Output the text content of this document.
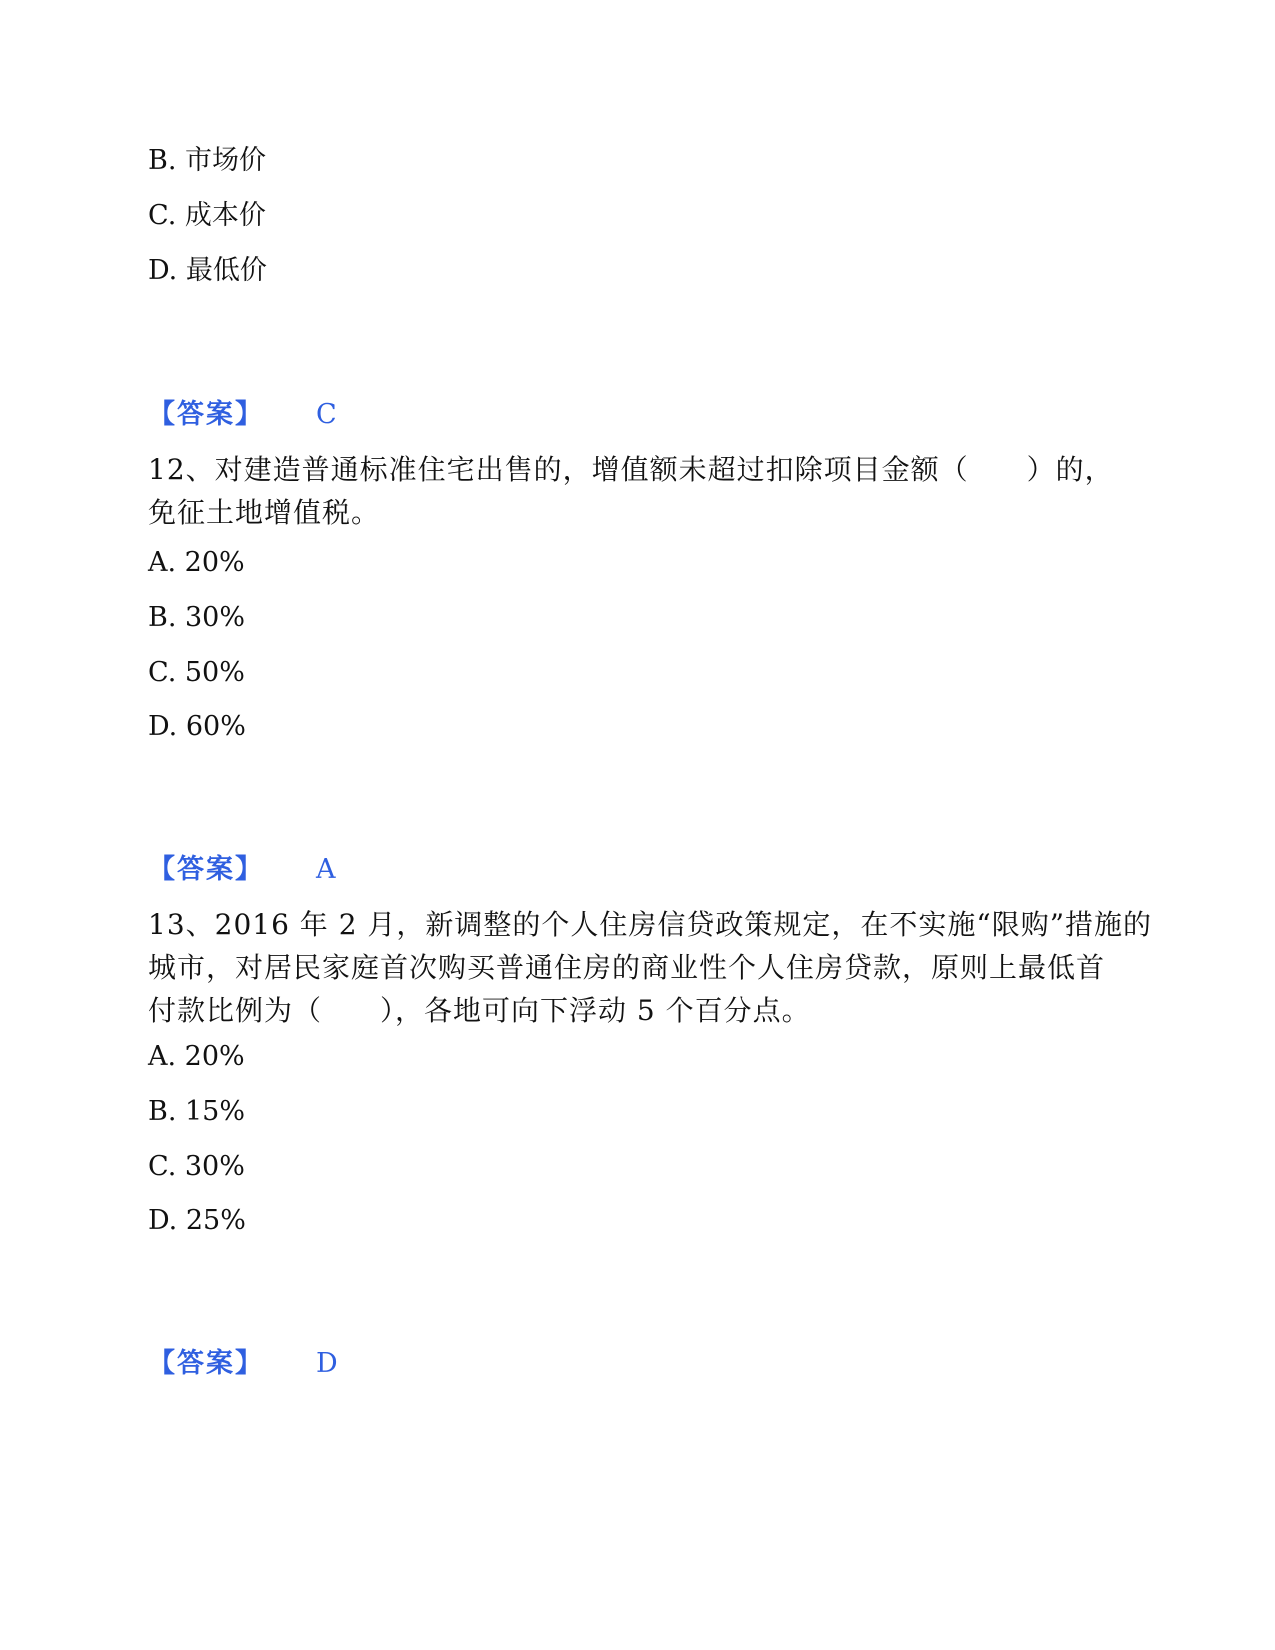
B. 市场价
C. 成本价
D. 最低价
【答案】 C
12、对建造普通标准住宅出售的，增值额未超过扣除项目金额（　　）的，
免征土地增值税。
A. 20%
B. 30%
C. 50%
D. 60%
【答案】 A
13、2016 年 2 月，新调整的个人住房信贷政策规定，在不实施“限购”措施的
城市，对居民家庭首次购买普通住房的商业性个人住房贷款，原则上最低首
付款比例为（　　），各地可向下浮动 5 个百分点。
A. 20%
B. 15%
C. 30%
D. 25%
【答案】 D
